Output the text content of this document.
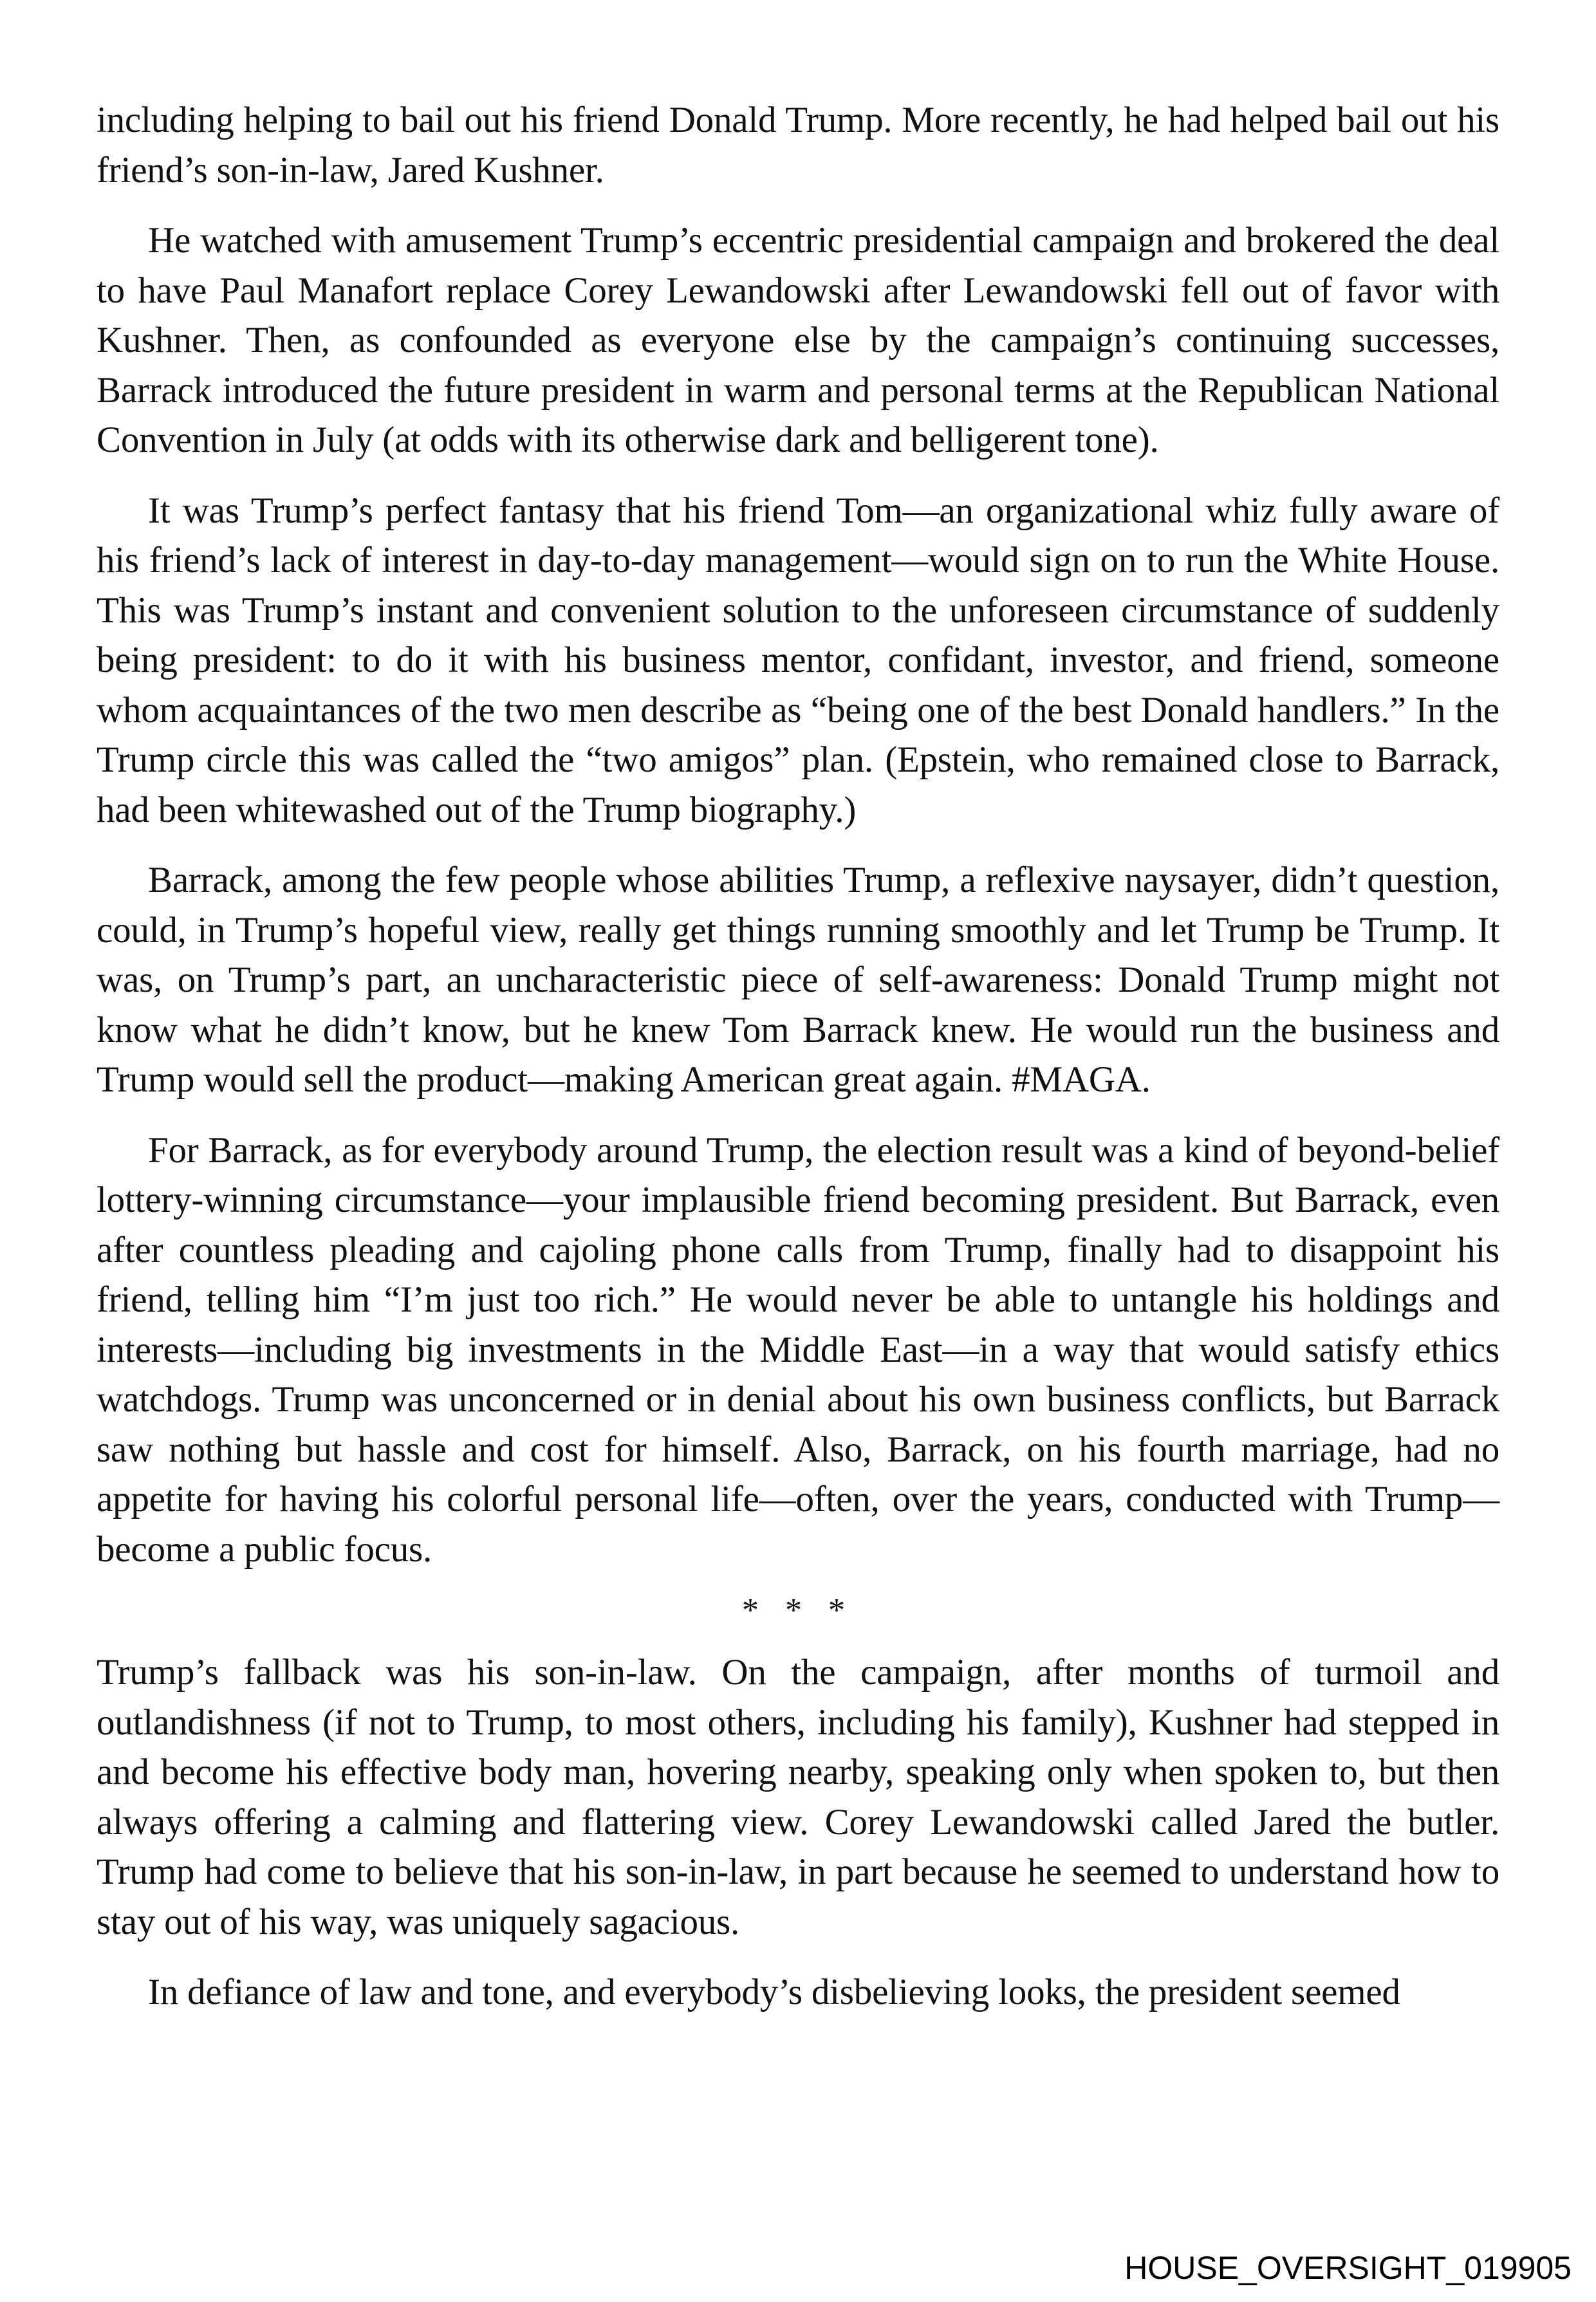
including helping to bail out his friend Donald Trump. More recently, he had helped bail out his friend’s son-in-law, Jared Kushner.

He watched with amusement Trump’s eccentric presidential campaign and brokered the deal to have Paul Manafort replace Corey Lewandowski after Lewandowski fell out of favor with Kushner. Then, as confounded as everyone else by the campaign’s continuing successes, Barrack introduced the future president in warm and personal terms at the Republican National Convention in July (at odds with its otherwise dark and belligerent tone).

It was Trump’s perfect fantasy that his friend Tom—an organizational whiz fully aware of his friend’s lack of interest in day-to-day management—would sign on to run the White House. This was Trump’s instant and convenient solution to the unforeseen circumstance of suddenly being president: to do it with his business mentor, confidant, investor, and friend, someone whom acquaintances of the two men describe as “being one of the best Donald handlers.” In the Trump circle this was called the “two amigos” plan. (Epstein, who remained close to Barrack, had been whitewashed out of the Trump biography.)

Barrack, among the few people whose abilities Trump, a reflexive naysayer, didn’t question, could, in Trump’s hopeful view, really get things running smoothly and let Trump be Trump. It was, on Trump’s part, an uncharacteristic piece of self-awareness: Donald Trump might not know what he didn’t know, but he knew Tom Barrack knew. He would run the business and Trump would sell the product—making American great again. #MAGA.

For Barrack, as for everybody around Trump, the election result was a kind of beyond-belief lottery-winning circumstance—your implausible friend becoming president. But Barrack, even after countless pleading and cajoling phone calls from Trump, finally had to disappoint his friend, telling him “I’m just too rich.” He would never be able to untangle his holdings and interests—including big investments in the Middle East—in a way that would satisfy ethics watchdogs. Trump was unconcerned or in denial about his own business conflicts, but Barrack saw nothing but hassle and cost for himself. Also, Barrack, on his fourth marriage, had no appetite for having his colorful personal life—often, over the years, conducted with Trump—become a public focus.

* * *

Trump’s fallback was his son-in-law. On the campaign, after months of turmoil and outlandishness (if not to Trump, to most others, including his family), Kushner had stepped in and become his effective body man, hovering nearby, speaking only when spoken to, but then always offering a calming and flattering view. Corey Lewandowski called Jared the butler. Trump had come to believe that his son-in-law, in part because he seemed to understand how to stay out of his way, was uniquely sagacious.

In defiance of law and tone, and everybody’s disbelieving looks, the president seemed

HOUSE_OVERSIGHT_019905
